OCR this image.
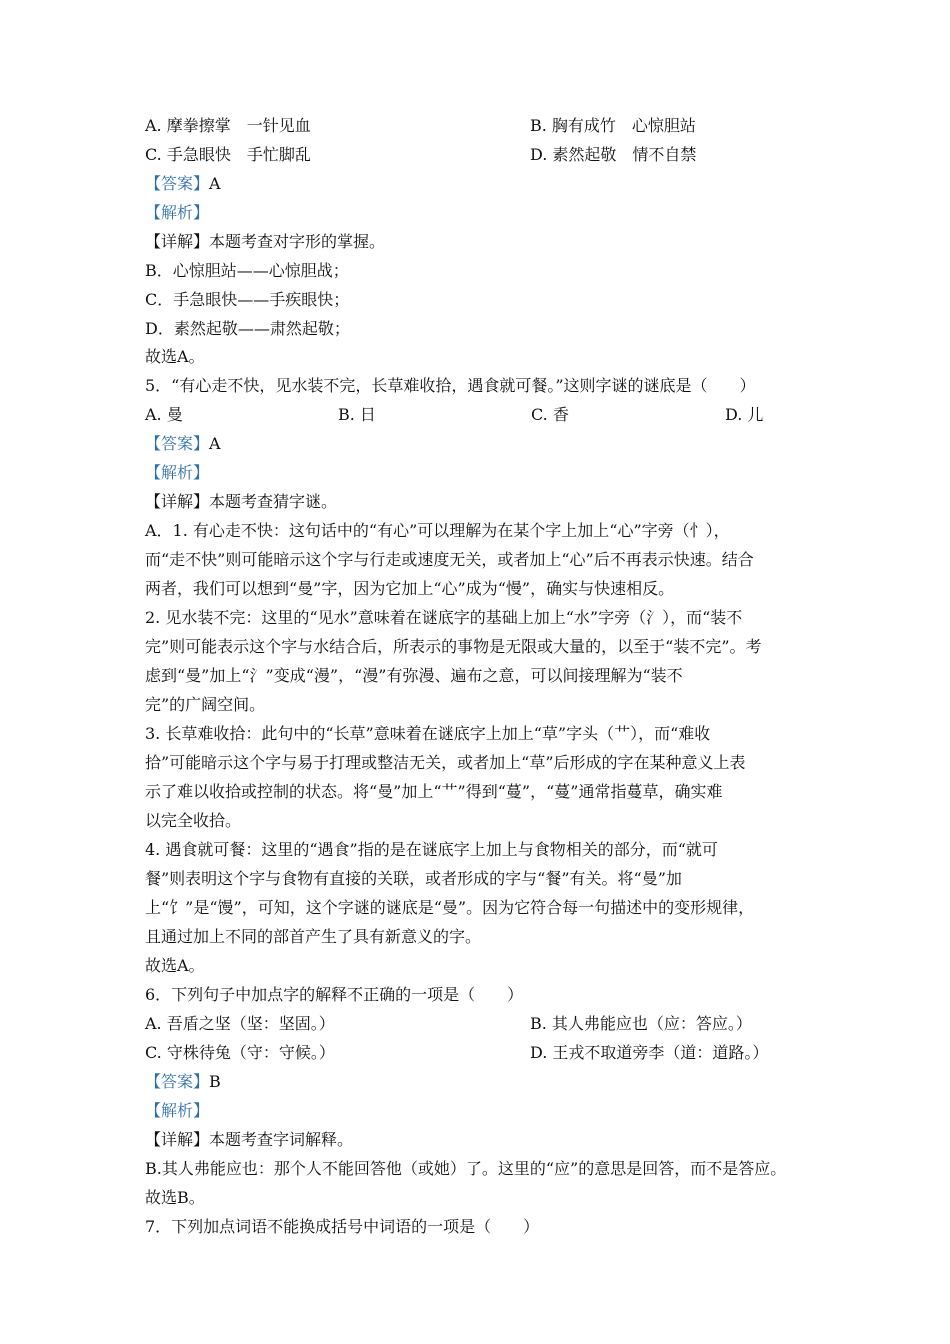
A. 摩拳擦掌　一针见血	B. 胸有成竹　心惊胆站
C. 手急眼快　手忙脚乱	D. 素然起敬　情不自禁
【答案】A
【解析】
【详解】本题考查对字形的掌握。
B．心惊胆站——心惊胆战；
C．手急眼快——手疾眼快；
D．素然起敬——肃然起敬；
故选A。
5．“有心走不快，见水装不完，长草难收拾，遇食就可餐。”这则字谜的谜底是（　　）
A. 曼	B. 日	C. 香	D. 儿
【答案】A
【解析】
【详解】本题考查猜字谜。
A．1. 有心走不快：这句话中的“有心”可以理解为在某个字上加上“心”字旁（忄），
而“走不快”则可能暗示这个字与行走或速度无关，或者加上“心”后不再表示快速。结合
两者，我们可以想到“曼”字，因为它加上“心”成为“慢”，确实与快速相反。
2. 见水装不完：这里的“见水”意味着在谜底字的基础上加上“水”字旁（氵），而“装不
完”则可能表示这个字与水结合后，所表示的事物是无限或大量的，以至于“装不完”。考
虑到“曼”加上“氵”变成“漫”，“漫”有弥漫、遍布之意，可以间接理解为“装不
完”的广阔空间。
3. 长草难收拾：此句中的“长草”意味着在谜底字上加上“草”字头（艹），而“难收
拾”可能暗示这个字与易于打理或整洁无关，或者加上“草”后形成的字在某种意义上表
示了难以收拾或控制的状态。将“曼”加上“艹”得到“蔓”，“蔓”通常指蔓草，确实难
以完全收拾。
4. 遇食就可餐：这里的“遇食”指的是在谜底字上加上与食物相关的部分，而“就可
餐”则表明这个字与食物有直接的关联，或者形成的字与“餐”有关。将“曼”加
上“饣”是“馒”，可知，这个字谜的谜底是“曼”。因为它符合每一句描述中的变形规律，
且通过加上不同的部首产生了具有新意义的字。
故选A。
6．下列句子中加点字的解释不正确的一项是（　　）
A. 吾盾之坚（坚：坚固。）	B. 其人弗能应也（应：答应。）
C. 守株待兔（守：守候。）	D. 王戎不取道旁李（道：道路。）
【答案】B
【解析】
【详解】本题考查字词解释。
B.其人弗能应也：那个人不能回答他（或她）了。这里的“应”的意思是回答，而不是答应。
故选B。
7．下列加点词语不能换成括号中词语的一项是（　　）
